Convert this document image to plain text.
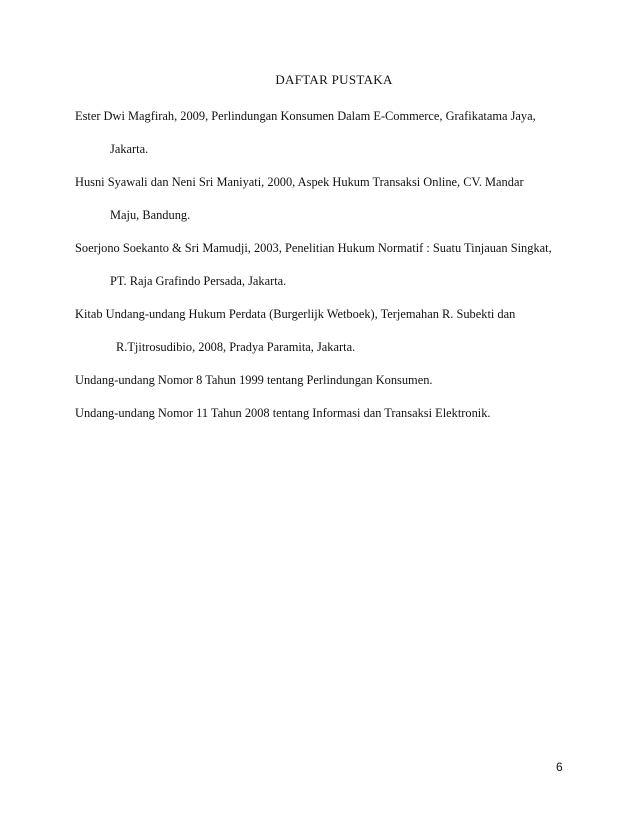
DAFTAR PUSTAKA
Ester Dwi Magfirah, 2009, Perlindungan Konsumen Dalam E-Commerce, Grafikatama Jaya,
Jakarta.
Husni Syawali dan Neni Sri Maniyati, 2000, Aspek Hukum Transaksi Online, CV. Mandar
Maju, Bandung.
Soerjono Soekanto & Sri Mamudji, 2003, Penelitian Hukum Normatif : Suatu Tinjauan Singkat,
PT. Raja Grafindo Persada, Jakarta.
Kitab Undang-undang Hukum Perdata (Burgerlijk Wetboek), Terjemahan R. Subekti dan
R.Tjitrosudibio, 2008, Pradya Paramita, Jakarta.
Undang-undang Nomor 8 Tahun 1999 tentang Perlindungan Konsumen.
Undang-undang Nomor 11 Tahun 2008 tentang Informasi dan Transaksi Elektronik.
6
